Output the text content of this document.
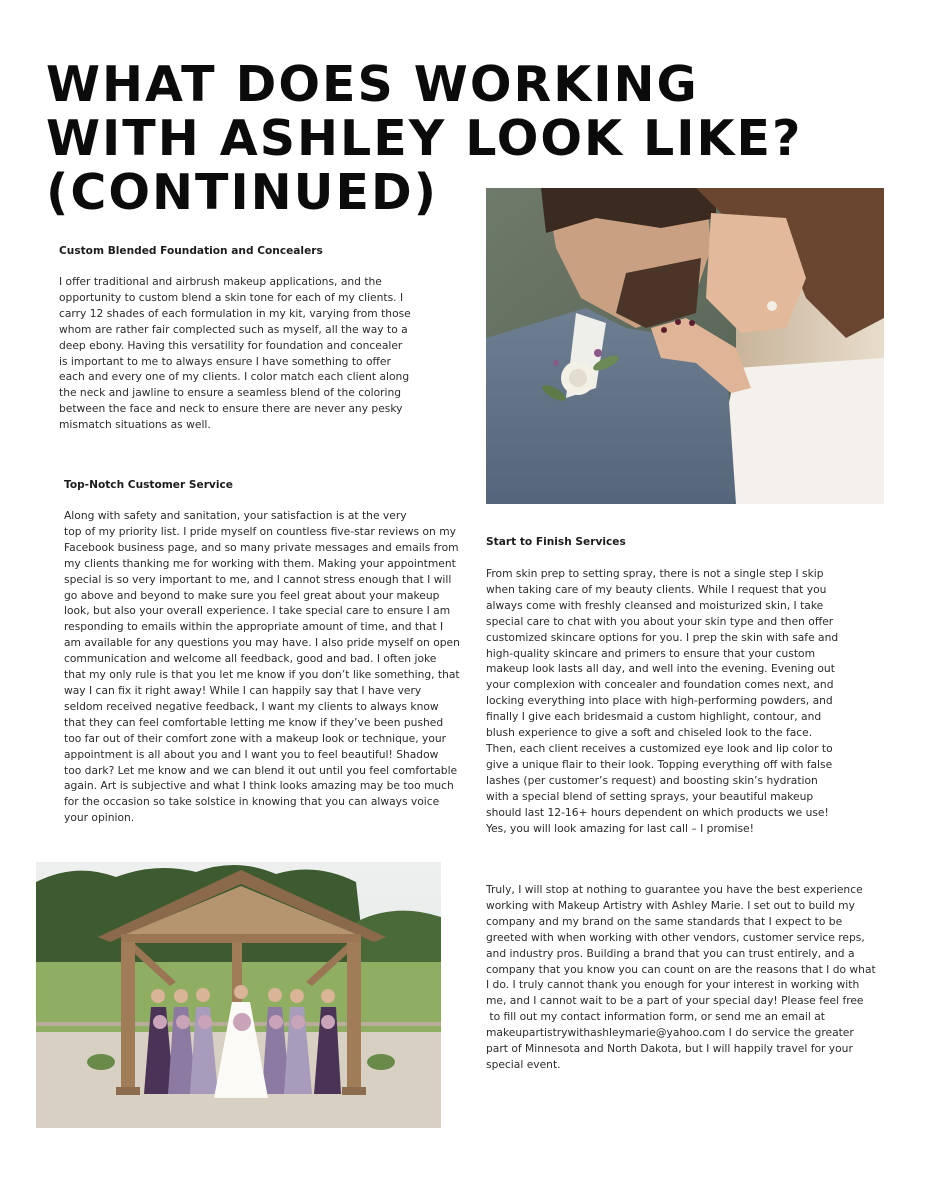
WHAT DOES WORKING
WITH ASHLEY LOOK LIKE?
(CONTINUED)
Custom Blended Foundation and Concealers
I offer traditional and airbrush makeup applications, and the
opportunity to custom blend a skin tone for each of my clients. I
carry 12 shades of each formulation in my kit, varying from those
whom are rather fair complected such as myself, all the way to a
deep ebony. Having this versatility for foundation and concealer
is important to me to always ensure I have something to offer
each and every one of my clients. I color match each client along
the neck and jawline to ensure a seamless blend of the coloring
between the face and neck to ensure there are never any pesky
mismatch situations as well.
Top-Notch Customer Service
Along with safety and sanitation, your satisfaction is at the very
top of my priority list. I pride myself on countless five-star reviews on my
Facebook business page, and so many private messages and emails from
my clients thanking me for working with them. Making your appointment
special is so very important to me, and I cannot stress enough that I will
go above and beyond to make sure you feel great about your makeup
look, but also your overall experience. I take special care to ensure I am
responding to emails within the appropriate amount of time, and that I
am available for any questions you may have. I also pride myself on open
communication and welcome all feedback, good and bad. I often joke
that my only rule is that you let me know if you don’t like something, that
way I can fix it right away! While I can happily say that I have very
seldom received negative feedback, I want my clients to always know
that they can feel comfortable letting me know if they’ve been pushed
too far out of their comfort zone with a makeup look or technique, your
appointment is all about you and I want you to feel beautiful! Shadow
too dark? Let me know and we can blend it out until you feel comfortable
again. Art is subjective and what I think looks amazing may be too much
for the occasion so take solstice in knowing that you can always voice
your opinion.
Start to Finish Services
From skin prep to setting spray, there is not a single step I skip
when taking care of my beauty clients. While I request that you
always come with freshly cleansed and moisturized skin, I take
special care to chat with you about your skin type and then offer
customized skincare options for you. I prep the skin with safe and
high-quality skincare and primers to ensure that your custom
makeup look lasts all day, and well into the evening. Evening out
your complexion with concealer and foundation comes next, and
locking everything into place with high-performing powders, and
finally I give each bridesmaid a custom highlight, contour, and
blush experience to give a soft and chiseled look to the face.
Then, each client receives a customized eye look and lip color to
give a unique flair to their look. Topping everything off with false
lashes (per customer’s request) and boosting skin’s hydration
with a special blend of setting sprays, your beautiful makeup
should last 12-16+ hours dependent on which products we use!
Yes, you will look amazing for last call – I promise!
Truly, I will stop at nothing to guarantee you have the best experience
working with Makeup Artistry with Ashley Marie. I set out to build my
company and my brand on the same standards that I expect to be
greeted with when working with other vendors, customer service reps,
and industry pros. Building a brand that you can trust entirely, and a
company that you know you can count on are the reasons that I do what
I do. I truly cannot thank you enough for your interest in working with
me, and I cannot wait to be a part of your special day! Please feel free
to fill out my contact information form, or send me an email at
makeupartistrywithashleymarie@yahoo.com I do service the greater
part of Minnesota and North Dakota, but I will happily travel for your
special event.
